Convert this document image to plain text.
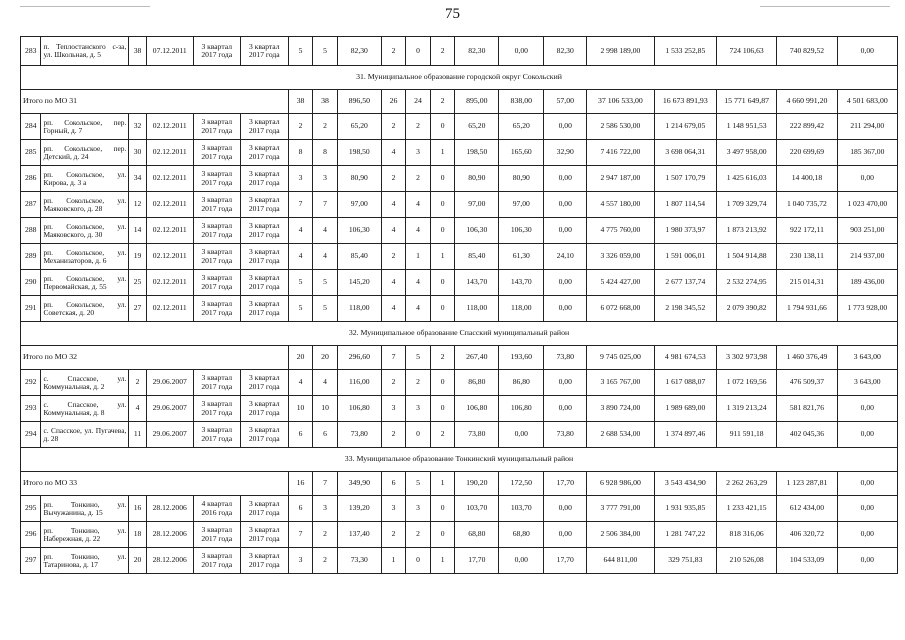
75
283	п. Теплостанского с-за, ул. Школьная, д. 5	38	07.12.2011	3 квартал 2017 года	3 квартал 2017 года	5	5	82,30	2	0	2	82,30	0,00	82,30	2 998 189,00	1 533 252,85	724 106,63	740 829,52	0,00
31. Муниципальное образование городской округ Сокольский																			
Итого по МО 31						38	38	896,50	26	24	2	895,00	838,00	57,00	37 106 533,00	16 673 891,93	15 771 649,87	4 660 991,20	4 501 683,00
284	рп. Сокольское, пер. Горный, д. 7	32	02.12.2011	3 квартал 2017 года	3 квартал 2017 года	2	2	65,20	2	2	0	65,20	65,20	0,00	2 586 530,00	1 214 679,05	1 148 951,53	222 899,42	211 294,00
285	рп. Сокольское, пер. Детский, д. 24	30	02.12.2011	3 квартал 2017 года	3 квартал 2017 года	8	8	198,50	4	3	1	198,50	165,60	32,90	7 416 722,00	3 698 064,31	3 497 958,00	220 699,69	185 367,00
286	рп. Сокольское, ул. Кирова, д. 3 а	34	02.12.2011	3 квартал 2017 года	3 квартал 2017 года	3	3	80,90	2	2	0	80,90	80,90	0,00	2 947 187,00	1 507 170,79	1 425 616,03	14 400,18	0,00
287	рп. Сокольское, ул. Маяковского, д. 28	12	02.12.2011	3 квартал 2017 года	3 квартал 2017 года	7	7	97,00	4	4	0	97,00	97,00	0,00	4 557 180,00	1 807 114,54	1 709 329,74	1 040 735,72	1 023 470,00
288	рп. Сокольское, ул. Маяковского, д. 30	14	02.12.2011	3 квартал 2017 года	3 квартал 2017 года	4	4	106,30	4	4	0	106,30	106,30	0,00	4 775 760,00	1 980 373,97	1 873 213,92	922 172,11	903 251,00
289	рп. Сокольское, ул. Механизаторов, д. 6	19	02.12.2011	3 квартал 2017 года	3 квартал 2017 года	4	4	85,40	2	1	1	85,40	61,30	24,10	3 326 059,00	1 591 006,01	1 504 914,88	230 138,11	214 937,00
290	рп. Сокольское, ул. Первомайская, д. 55	25	02.12.2011	3 квартал 2017 года	3 квартал 2017 года	5	5	145,20	4	4	0	143,70	143,70	0,00	5 424 427,00	2 677 137,74	2 532 274,95	215 014,31	189 436,00
291	рп. Сокольское, ул. Советская, д. 20	27	02.12.2011	3 квартал 2017 года	3 квартал 2017 года	5	5	118,00	4	4	0	118,00	118,00	0,00	6 072 668,00	2 198 345,52	2 079 390,82	1 794 931,66	1 773 928,00
32. Муниципальное образование Спасский муниципальный район																			
Итого по МО 32						20	20	296,60	7	5	2	267,40	193,60	73,80	9 745 025,00	4 981 674,53	3 302 973,98	1 460 376,49	3 643,00
292	с. Спасское, ул. Коммунальная, д. 2	2	29.06.2007	3 квартал 2017 года	3 квартал 2017 года	4	4	116,00	2	2	0	86,80	86,80	0,00	3 165 767,00	1 617 088,07	1 072 169,56	476 509,37	3 643,00
293	с. Спасское, ул. Коммунальная, д. 8	4	29.06.2007	3 квартал 2017 года	3 квартал 2017 года	10	10	106,80	3	3	0	106,80	106,80	0,00	3 890 724,00	1 989 689,00	1 319 213,24	581 821,76	0,00
294	с. Спасское, ул. Пугачева, д. 28	11	29.06.2007	3 квартал 2017 года	3 квартал 2017 года	6	6	73,80	2	0	2	73,80	0,00	73,80	2 688 534,00	1 374 897,46	911 591,18	402 045,36	0,00
33. Муниципальное образование Тонкинский муниципальный район																			
Итого по МО 33						16	7	349,90	6	5	1	190,20	172,50	17,70	6 928 986,00	3 543 434,90	2 262 263,29	1 123 287,81	0,00
295	рп. Тонкино, ул. Вычужанина, д. 15	16	28.12.2006	4 квартал 2016 года	3 квартал 2017 года	6	3	139,20	3	3	0	103,70	103,70	0,00	3 777 791,00	1 931 935,85	1 233 421,15	612 434,00	0,00
296	рп. Тонкино, ул. Набережная, д. 22	18	28.12.2006	3 квартал 2017 года	3 квартал 2017 года	7	2	137,40	2	2	0	68,80	68,80	0,00	2 506 384,00	1 281 747,22	818 316,06	406 320,72	0,00
297	рп. Тонкино, ул. Татаринова, д. 17	20	28.12.2006	3 квартал 2017 года	3 квартал 2017 года	3	2	73,30	1	0	1	17,70	0,00	17,70	644 811,00	329 751,83	210 526,08	104 533,09	0,00
